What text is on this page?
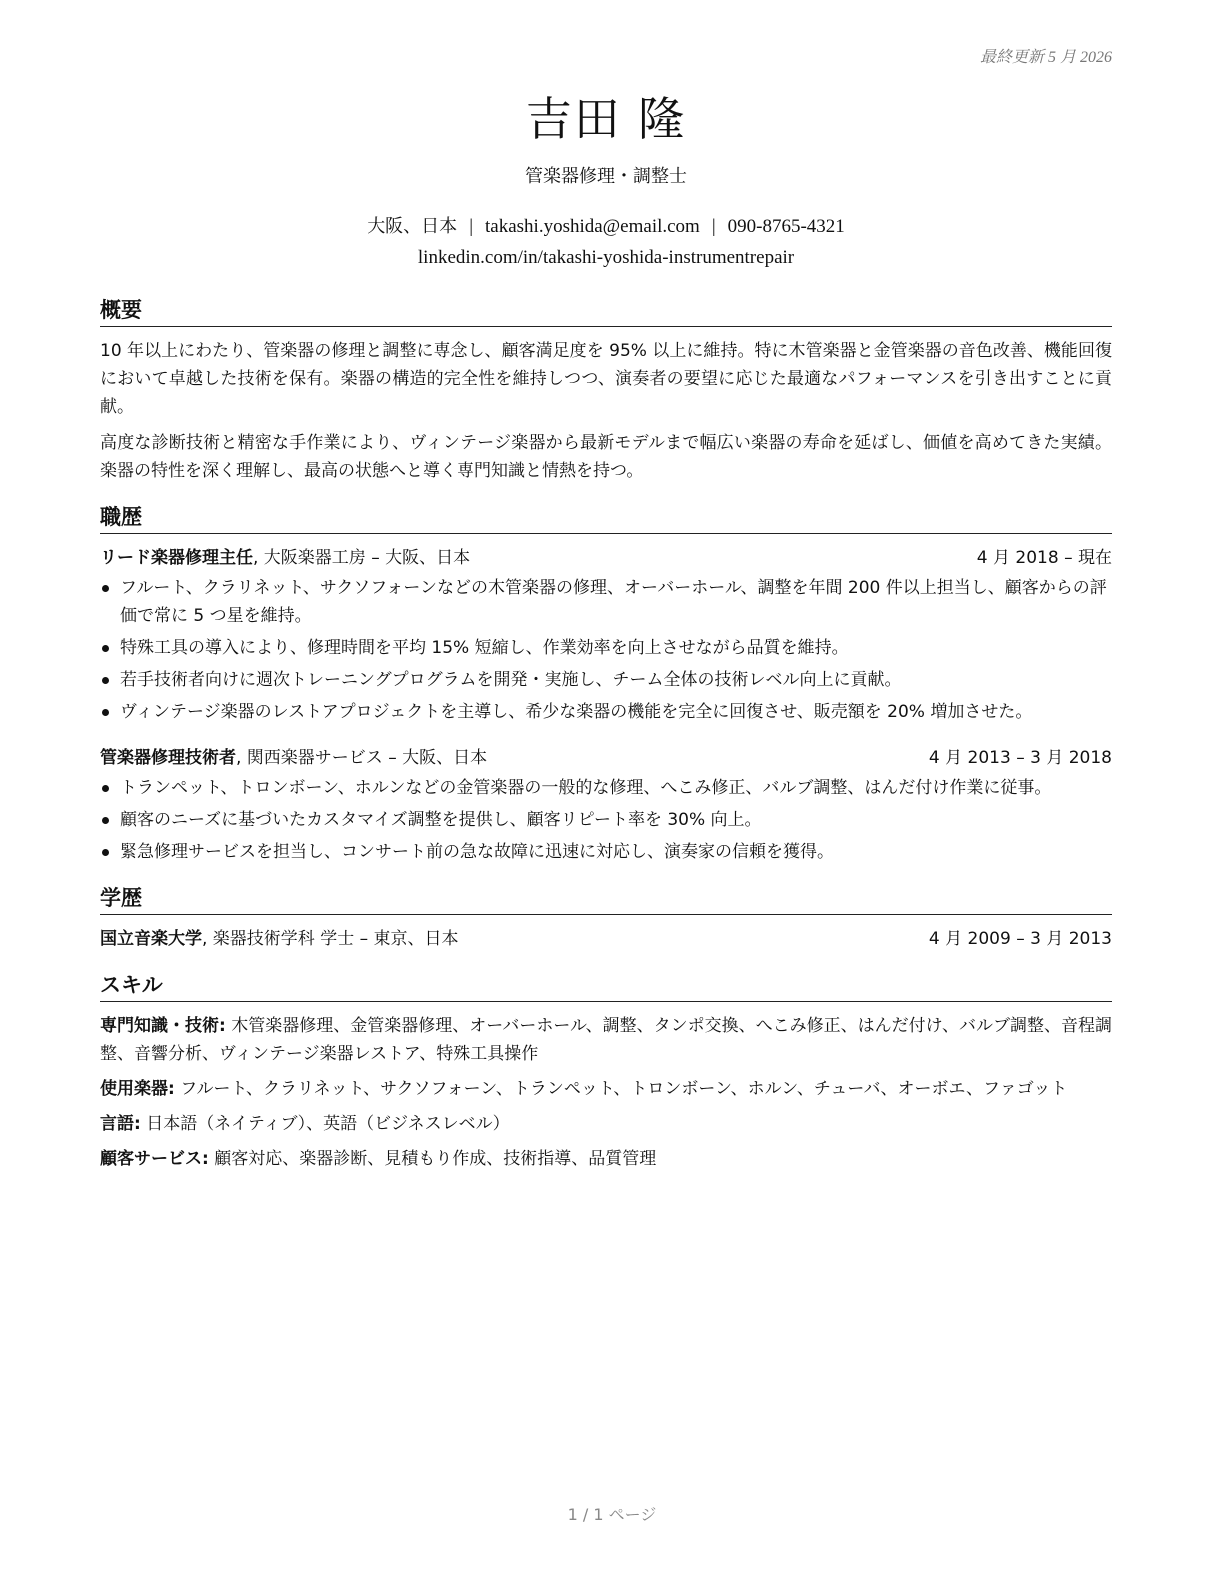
最終更新 5 月 2026
吉田 隆
管楽器修理・調整士
大阪、日本 | takashi.yoshida@email.com | 090-8765-4321
linkedin.com/in/takashi-yoshida-instrumentrepair
概要

10 年以上にわたり、管楽器の修理と調整に専念し、顧客満足度を 95% 以上に維持。特に木管楽器と金管楽器の音色改善、機能回復において卓越した技術を保有。楽器の構造的完全性を維持しつつ、演奏者の要望に応じた最適なパフォーマンスを引き出すことに貢献。

高度な診断技術と精密な手作業により、ヴィンテージ楽器から最新モデルまで幅広い楽器の寿命を延ばし、価値を高めてきた実績。楽器の特性を深く理解し、最高の状態へと導く専門知識と情熱を持つ。

職歴
リード楽器修理主任, 大阪楽器工房 – 大阪、日本	4 月 2018 – 現在
フルート、クラリネット、サクソフォーンなどの木管楽器の修理、オーバーホール、調整を年間 200 件以上担当し、顧客からの評価で常に 5 つ星を維持。
特殊工具の導入により、修理時間を平均 15% 短縮し、作業効率を向上させながら品質を維持。
若手技術者向けに週次トレーニングプログラムを開発・実施し、チーム全体の技術レベル向上に貢献。
ヴィンテージ楽器のレストアプロジェクトを主導し、希少な楽器の機能を完全に回復させ、販売額を 20% 増加させた。
管楽器修理技術者, 関西楽器サービス – 大阪、日本	4 月 2013 – 3 月 2018
トランペット、トロンボーン、ホルンなどの金管楽器の一般的な修理、へこみ修正、バルブ調整、はんだ付け作業に従事。
顧客のニーズに基づいたカスタマイズ調整を提供し、顧客リピート率を 30% 向上。
緊急修理サービスを担当し、コンサート前の急な故障に迅速に対応し、演奏家の信頼を獲得。
学歴
国立音楽大学, 楽器技術学科 学士 – 東京、日本	4 月 2009 – 3 月 2013
スキル
専門知識・技術: 木管楽器修理、金管楽器修理、オーバーホール、調整、タンポ交換、へこみ修正、はんだ付け、バルブ調整、音程調整、音響分析、ヴィンテージ楽器レストア、特殊工具操作
使用楽器: フルート、クラリネット、サクソフォーン、トランペット、トロンボーン、ホルン、チューバ、オーボエ、ファゴット
言語: 日本語（ネイティブ）、英語（ビジネスレベル）
顧客サービス: 顧客対応、楽器診断、見積もり作成、技術指導、品質管理
1 / 1 ページ
